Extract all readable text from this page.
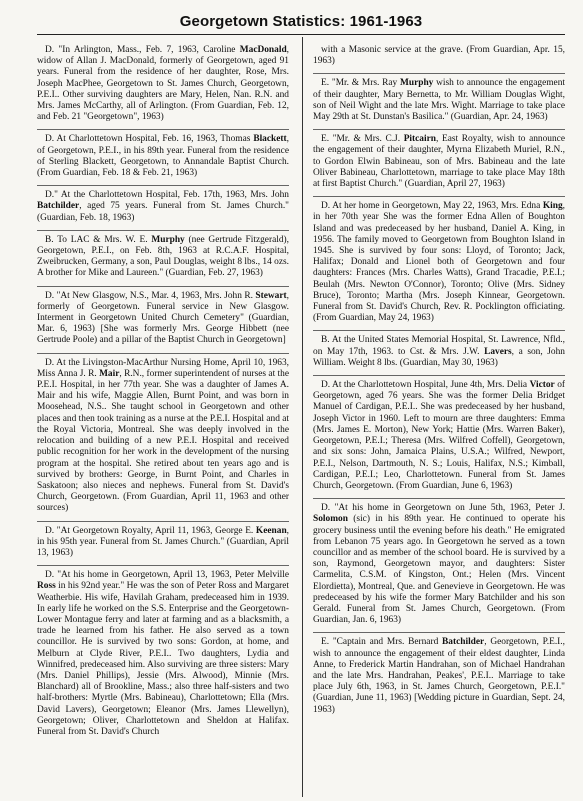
Georgetown Statistics: 1961-1963

D. "In Arlington, Mass., Feb. 7, 1963, Caroline MacDonald, widow of Allan J. MacDonald, formerly of Georgetown, aged 91 years. Funeral from the residence of her daughter, Rose, Mrs. Joseph MacPhee, Georgetown to St. James Church, Georgetown, P.E.I.. Other surviving daughters are Mary, Helen, Nan. R.N. and Mrs. James McCarthy, all of Arlington. (From Guardian, Feb. 12, and Feb. 21 "Georgetown", 1963)

D. At Charlottetown Hospital, Feb. 16, 1963, Thomas Blackett, of Georgetown, P.E.I., in his 89th year. Funeral from the residence of Sterling Blackett, Georgetown, to Annandale Baptist Church. (From Guardian, Feb. 18 & Feb. 21, 1963)

D." At the Charlottetown Hospital, Feb. 17th, 1963, Mrs. John Batchilder, aged 75 years. Funeral from St. James Church." (Guardian, Feb. 18, 1963)

B. To LAC & Mrs. W. E. Murphy (nee Gertrude Fitzgerald), Georgetown, P.E.I., on Feb. 8th, 1963 at R.C.A.F. Hospital, Zweibrucken, Germany, a son, Paul Douglas, weight 8 lbs., 14 ozs. A brother for Mike and Laureen." (Guardian, Feb. 27, 1963)

D. "At New Glasgow, N.S., Mar. 4, 1963, Mrs. John R. Stewart, formerly of Georgetown. Funeral service in New Glasgow. Interment in Georgetown United Church Cemetery" (Guardian, Mar. 6, 1963) [She was formerly Mrs. George Hibbett (nee Gertrude Poole) and a pillar of the Baptist Church in Georgetown]

D. At the Livingston-MacArthur Nursing Home, April 10, 1963, Miss Anna J. R. Mair, R.N., former superintendent of nurses at the P.E.I. Hospital, in her 77th year. She was a daughter of James A. Mair and his wife, Maggie Allen, Burnt Point, and was born in Moosehead, N.S.. She taught school in Georgetown and other places and then took training as a nurse at the P.E.I. Hospital and at the Royal Victoria, Montreal. She was deeply involved in the relocation and building of a new P.E.I. Hospital and received public recognition for her work in the development of the nursing program at the hospital. She retired about ten years ago and is survived by brothers: George, in Burnt Point, and Charles in Saskatoon; also nieces and nephews. Funeral from St. David's Church, Georgetown. (From Guardian, April 11, 1963 and other sources)

D. "At Georgetown Royalty, April 11, 1963, George E. Keenan, in his 95th year. Funeral from St. James Church." (Guardian, April 13, 1963)

D. "At his home in Georgetown, April 13, 1963, Peter Melville Ross in his 92nd year." He was the son of Peter Ross and Margaret Weatherbie. His wife, Havilah Graham, predeceased him in 1939. In early life he worked on the S.S. Enterprise and the Georgetown-Lower Montague ferry and later at farming and as a blacksmith, a trade he learned from his father. He also served as a town councillor. He is survived by two sons: Gordon, at home, and Melburn at Clyde River, P.E.I.. Two daughters, Lydia and Winnifred, predeceased him. Also surviving are three sisters: Mary (Mrs. Daniel Phillips), Jessie (Mrs. Alwood), Minnie (Mrs. Blanchard) all of Brookline, Mass.; also three half-sisters and two half-brothers: Myrtle (Mrs. Babineau), Charlottetown; Ella (Mrs. David Lavers), Georgetown; Eleanor (Mrs. James Llewellyn), Georgetown; Oliver, Charlottetown and Sheldon at Halifax. Funeral from St. David's Church

with a Masonic service at the grave. (From Guardian, Apr. 15, 1963)

E. "Mr. & Mrs. Ray Murphy wish to announce the engagement of their daughter, Mary Bernetta, to Mr. William Douglas Wight, son of Neil Wight and the late Mrs. Wight. Marriage to take place May 29th at St. Dunstan's Basilica." (Guardian, Apr. 24, 1963)

E. "Mr. & Mrs. C.J. Pitcairn, East Royalty, wish to announce the engagement of their daughter, Myrna Elizabeth Muriel, R.N., to Gordon Elwin Babineau, son of Mrs. Babineau and the late Oliver Babineau, Charlottetown, marriage to take place May 18th at first Baptist Church." (Guardian, April 27, 1963)

D. At her home in Georgetown, May 22, 1963, Mrs. Edna King, in her 70th year She was the former Edna Allen of Boughton Island and was predeceased by her husband, Daniel A. King, in 1956. The family moved to Georgetown from Boughton Island in 1945. She is survived by four sons: Lloyd, of Toronto; Jack, Halifax; Donald and Lionel both of Georgetown and four daughters: Frances (Mrs. Charles Watts), Grand Tracadie, P.E.I.; Beulah (Mrs. Newton O'Connor), Toronto; Olive (Mrs. Sidney Bruce), Toronto; Martha (Mrs. Joseph Kinnear, Georgetown. Funeral from St. David's Church, Rev. R. Pocklington officiating. (From Guardian, May 24, 1963)

B. At the United States Memorial Hospital, St. Lawrence, Nfld., on May 17th, 1963. to Cst. & Mrs. J.W. Lavers, a son, John William. Weight 8 lbs. (Guardian, May 30, 1963)

D. At the Charlottetown Hospital, June 4th, Mrs. Delia Victor of Georgetown, aged 76 years. She was the former Delia Bridget Manuel of Cardigan, P.E.I.. She was predeceased by her husband, Joseph Victor in 1960. Left to mourn are three daughters: Emma (Mrs. James E. Morton), New York; Hattie (Mrs. Warren Baker), Georgetown, P.E.I.; Theresa (Mrs. Wilfred Coffell), Georgetown, and six sons: John, Jamaica Plains, U.S.A.; Wilfred, Newport, P.E.I., Nelson, Dartmouth, N. S.; Louis, Halifax, N.S.; Kimball, Cardigan, P.E.I.; Leo, Charlottetown. Funeral from St. James Church, Georgetown. (From Guardian, June 6, 1963)

D. "At his home in Georgetown on June 5th, 1963, Peter J. Solomon (sic) in his 89th year. He continued to operate his grocery business until the evening before his death." He emigrated from Lebanon 75 years ago. In Georgetown he served as a town councillor and as member of the school board. He is survived by a son, Raymond, Georgetown mayor, and daughters: Sister Carmelita, C.S.M. of Kingston, Ont.; Helen (Mrs. Vincent Elordietta), Montreal, Que. and Genevieve in Georgetown. He was predeceased by his wife the former Mary Batchilder and his son Gerald. Funeral from St. James Church, Georgetown. (From Guardian, Jan. 6, 1963)

E. "Captain and Mrs. Bernard Batchilder, Georgetown, P.E.I., wish to announce the engagement of their eldest daughter, Linda Anne, to Frederick Martin Handrahan, son of Michael Handrahan and the late Mrs. Handrahan, Peakes', P.E.I.. Marriage to take place July 6th, 1963, in St. James Church, Georgetown, P.E.I." (Guardian, June 11, 1963) [Wedding picture in Guardian, Sept. 24, 1963)
